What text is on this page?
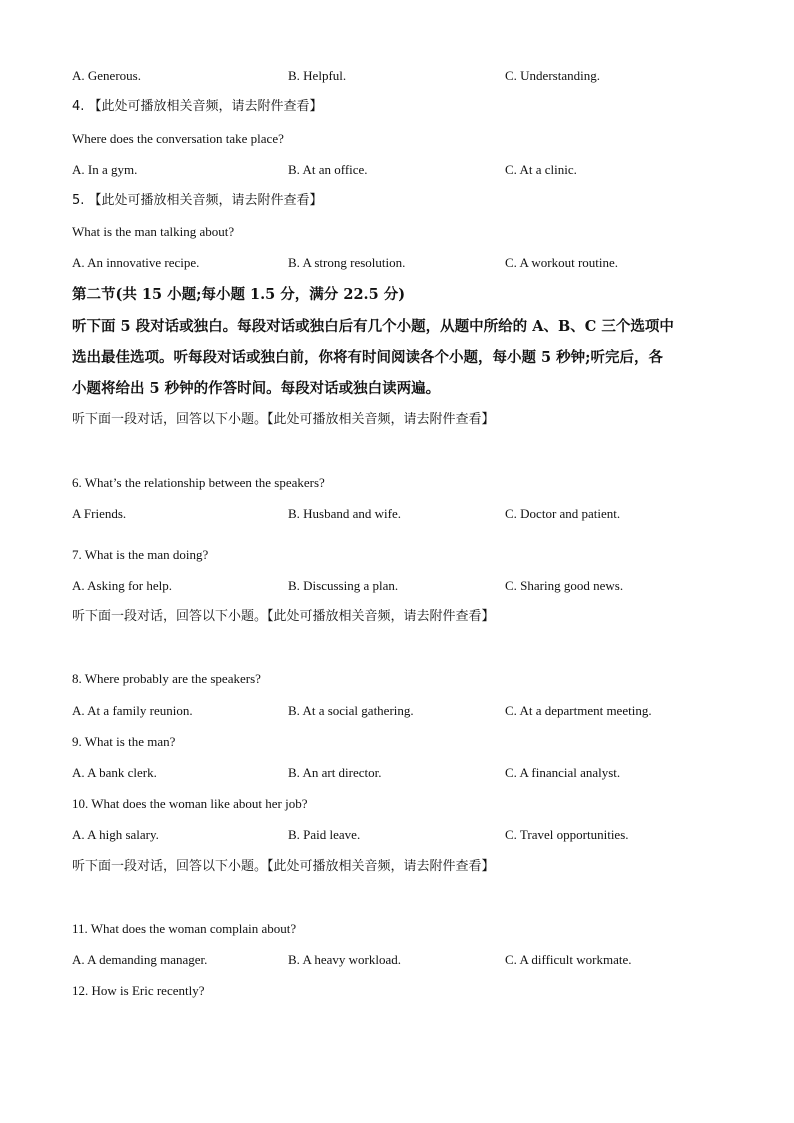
A. Generous.	B. Helpful.	C. Understanding.
4. 【此处可播放相关音频，请去附件查看】
Where does the conversation take place?
A. In a gym.	B. At an office.	C. At a clinic.
5. 【此处可播放相关音频，请去附件查看】
What is the man talking about?
A. An innovative recipe.	B. A strong resolution.	C. A workout routine.
第二节(共 15 小题;每小题 1.5 分，满分 22.5 分)
听下面 5 段对话或独白。每段对话或独白后有几个小题，从题中所给的 A、B、C 三个选项中
选出最佳选项。听每段对话或独白前，你将有时间阅读各个小题，每小题 5 秒钟;听完后，各
小题将给出 5 秒钟的作答时间。每段对话或独白读两遍。
听下面一段对话，回答以下小题。【此处可播放相关音频，请去附件查看】
6. What’s the relationship between the speakers?
A Friends.	B. Husband and wife.	C. Doctor and patient.
7. What is the man doing?
A. Asking for help.	B. Discussing a plan.	C. Sharing good news.
听下面一段对话，回答以下小题。【此处可播放相关音频，请去附件查看】
8. Where probably are the speakers?
A. At a family reunion.	B. At a social gathering.	C. At a department meeting.
9. What is the man?
A. A bank clerk.	B. An art director.	C. A financial analyst.
10. What does the woman like about her job?
A. A high salary.	B. Paid leave.	C. Travel opportunities.
听下面一段对话，回答以下小题。【此处可播放相关音频，请去附件查看】
11. What does the woman complain about?
A. A demanding manager.	B. A heavy workload.	C. A difficult workmate.
12. How is Eric recently?
